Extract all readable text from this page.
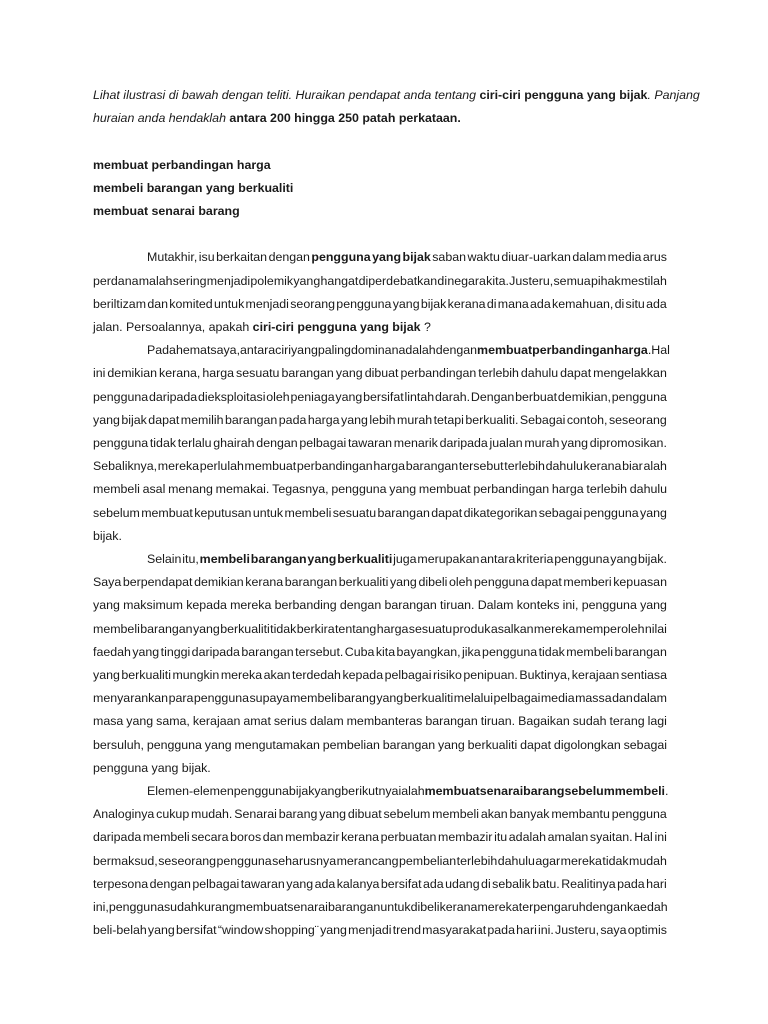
Lihat ilustrasi di bawah dengan teliti. Huraikan pendapat anda tentang ciri-ciri pengguna yang bijak . Panjang
huraian anda hendaklah antara 200 hingga 250 patah perkataan.
membuat perbandingan harga
membeli barangan yang berkualiti
membuat senarai barang
Mutakhir, isu berkaitan dengan pengguna yang bijak saban waktu diuar-uarkan dalam media arus
perdana malah sering menjadi polemik yang hangat diperdebatkan di negara kita. Justeru, semua pihak mestilah
beriltizam dan komited untuk menjadi seorang pengguna yang bijak kerana di mana ada kemahuan, di situ ada
jalan. Persoalannya, apakah ciri-ciri pengguna yang bijak ?
Pada hemat saya, antara ciri yang paling dominan adalah dengan membuat perbandingan harga . Hal
ini demikian kerana, harga sesuatu barangan yang dibuat perbandingan terlebih dahulu dapat mengelakkan
pengguna daripada dieksploitasi oleh peniaga yang bersifat lintah darah. Dengan berbuat demikian, pengguna
yang bijak dapat memilih barangan pada harga yang lebih murah tetapi berkualiti. Sebagai contoh, seseorang
pengguna tidak terlalu ghairah dengan pelbagai tawaran menarik daripada jualan murah yang dipromosikan.
Sebaliknya, mereka perlulah membuat perbandingan harga barangan tersebut terlebih dahulu kerana biar alah
membeli asal menang memakai. Tegasnya, pengguna yang membuat perbandingan harga terlebih dahulu
sebelum membuat keputusan untuk membeli sesuatu barangan dapat dikategorikan sebagai pengguna yang
bijak.
Selain itu, membeli barangan yang berkualiti juga merupakan antara kriteria pengguna yang bijak.
Saya berpendapat demikian kerana barangan berkualiti yang dibeli oleh pengguna dapat memberi kepuasan
yang maksimum kepada mereka berbanding dengan barangan tiruan. Dalam konteks ini, pengguna yang
membeli barangan yang berkualiti tidak berkira tentang harga sesuatu produk asalkan mereka memperoleh nilai
faedah yang tinggi daripada barangan tersebut. Cuba kita bayangkan, jika pengguna tidak membeli barangan
yang berkualiti mungkin mereka akan terdedah kepada pelbagai risiko penipuan. Buktinya, kerajaan sentiasa
menyarankan para pengguna supaya membeli barang yang berkualiti melalui pelbagai media massa dan dalam
masa yang sama, kerajaan amat serius dalam membanteras barangan tiruan. Bagaikan sudah terang lagi
bersuluh, pengguna yang mengutamakan pembelian barangan yang berkualiti dapat digolongkan sebagai
pengguna yang bijak.
Elemen-elemen pengguna bijak yang berikutnya ialah membuat senarai barang sebelum membeli .
Analoginya cukup mudah. Senarai barang yang dibuat sebelum membeli akan banyak membantu pengguna
daripada membeli secara boros dan membazir kerana perbuatan membazir itu adalah amalan syaitan. Hal ini
bermaksud, seseorang pengguna seharusnya merancang pembelian terlebih dahulu agar mereka tidak mudah
terpesona dengan pelbagai tawaran yang ada kalanya bersifat ada udang di sebalik batu. Realitinya pada hari
ini, pengguna sudah kurang membuat senarai barangan untuk dibeli kerana mereka terpengaruh dengan kaedah
beli-belah yang bersifat “window shopping¨ yang menjadi trend masyarakat pada hari ini. Justeru, saya optimis
